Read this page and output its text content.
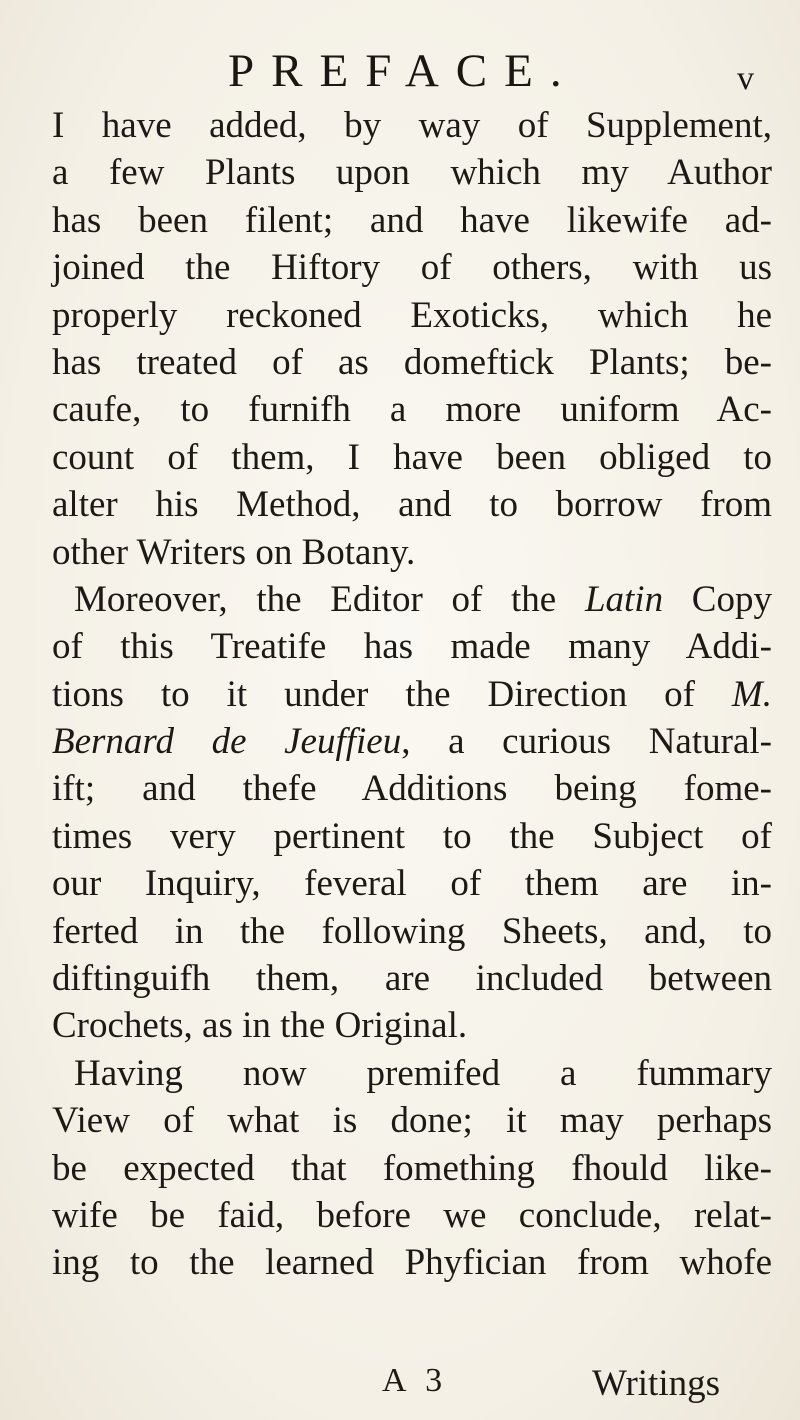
PREFACE.	v
I have added, by way of Supplement,
a few Plants upon which my Author
has been filent; and have likewife ad-
joined the Hiftory of others, with us
properly reckoned Exoticks, which he
has treated of as domeftick Plants; be-
caufe, to furnifh a more uniform Ac-
count of them, I have been obliged to
alter his Method, and to borrow from
other Writers on Botany.
Moreover, the Editor of the Latin Copy
of this Treatife has made many Addi-
tions to it under the Direction of M.
Bernard de Jeuffieu, a curious Natural-
ift; and thefe Additions being fome-
times very pertinent to the Subject of
our Inquiry, feveral of them are in-
ferted in the following Sheets, and, to
diftinguifh them, are included between
Crochets, as in the Original.
Having now premifed a fummary
View of what is done; it may perhaps
be expected that fomething fhould like-
wife be faid, before we conclude, relat-
ing to the learned Phyfician from whofe
A 3	Writings
